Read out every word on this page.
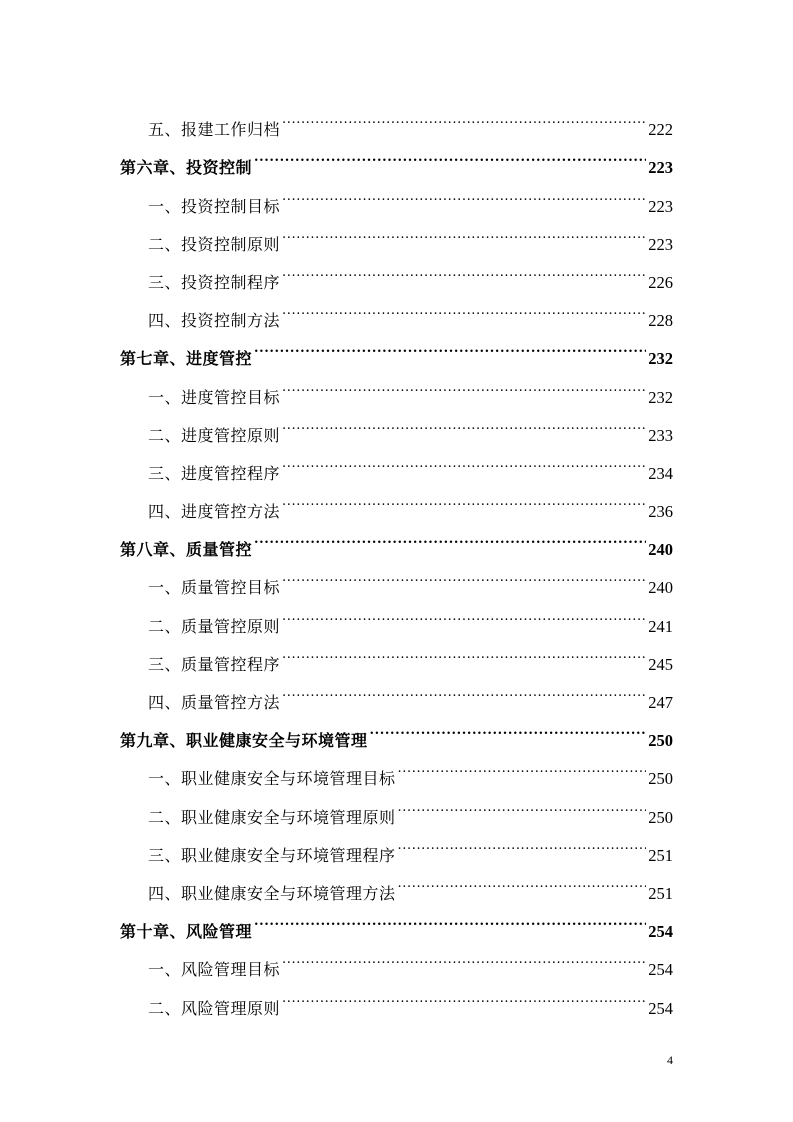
五、报建工作归档 .....	222
第六章、投资控制 .....	223
一、投资控制目标 .....	223
二、投资控制原则 .....	223
三、投资控制程序 .....	226
四、投资控制方法 .....	228
第七章、进度管控 .....	232
一、进度管控目标 .....	232
二、进度管控原则 .....	233
三、进度管控程序 .....	234
四、进度管控方法 .....	236
第八章、质量管控 .....	240
一、质量管控目标 .....	240
二、质量管控原则 .....	241
三、质量管控程序 .....	245
四、质量管控方法 .....	247
第九章、职业健康安全与环境管理 .....	250
一、职业健康安全与环境管理目标 .....	250
二、职业健康安全与环境管理原则 .....	250
三、职业健康安全与环境管理程序 .....	251
四、职业健康安全与环境管理方法 .....	251
第十章、风险管理 .....	254
一、风险管理目标 .....	254
二、风险管理原则 .....	254
4
